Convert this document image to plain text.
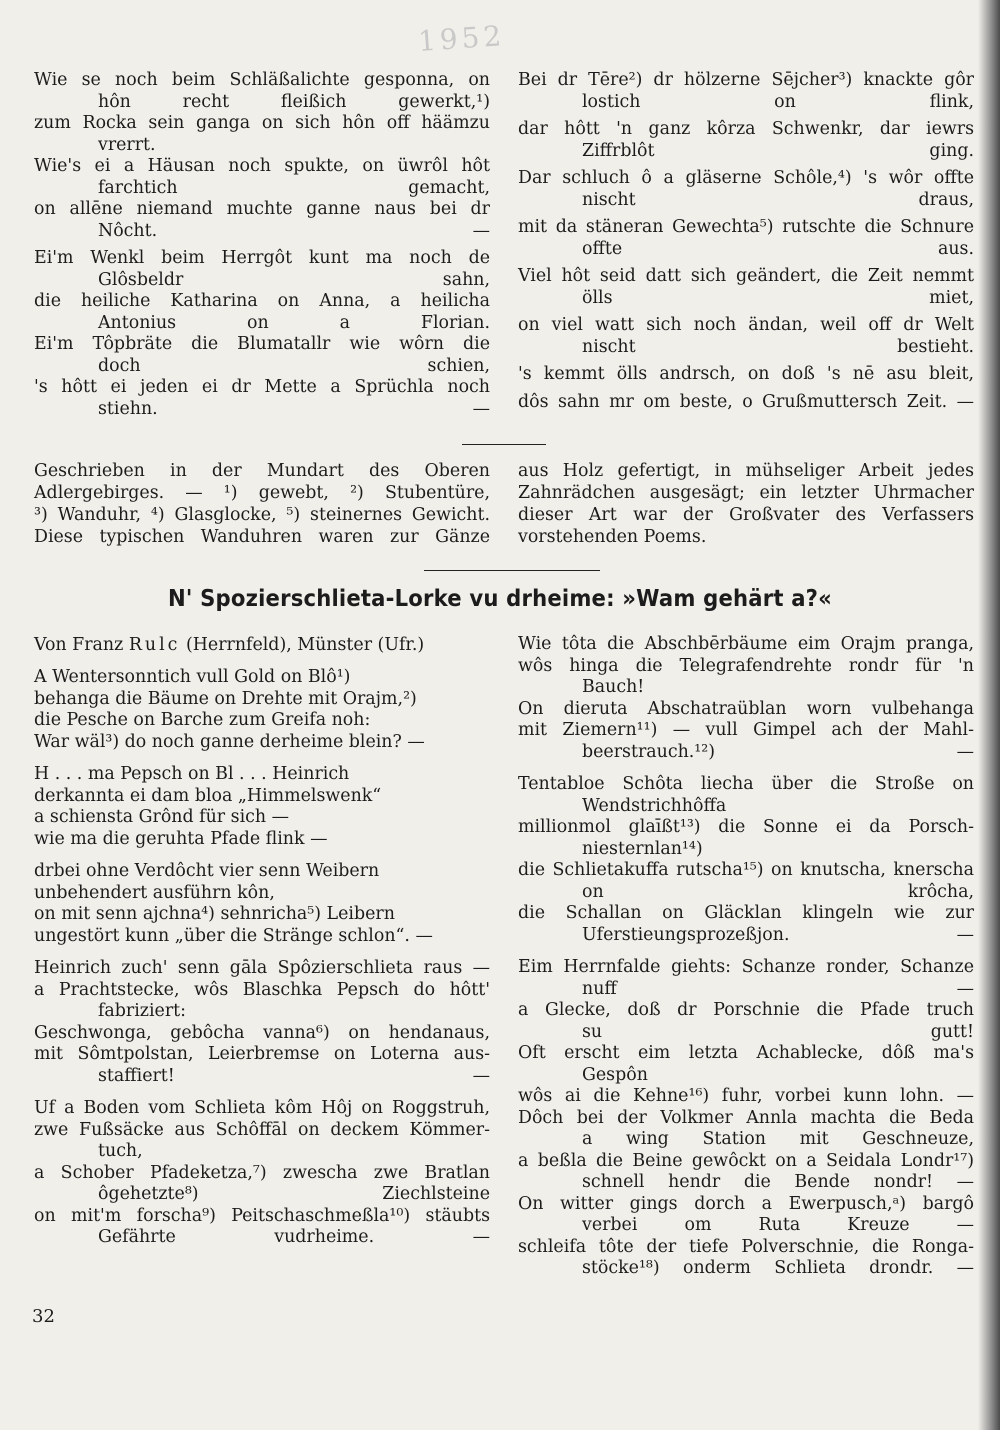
1952
Wie se noch beim Schläßalichte gesponna, on
hôn recht fleißich gewerkt,¹)
zum Rocka sein ganga on sich hôn off häämzu
vrerrt.
Wie's ei a Häusan noch spukte, on üwrôl hôt
farchtich gemacht,
on allēne niemand muchte ganne naus bei dr
Nôcht. —
Ei'm Wenkl beim Herrgôt kunt ma noch de
Glôsbeldr sahn,
die heiliche Katharina on Anna, a heilicha
Antonius on a Florian.
Ei'm Tôpbräte die Blumatallr wie wôrn die
doch schien,
's hôtt ei jeden ei dr Mette a Sprüchla noch
stiehn. —
Bei dr Tēre²) dr hölzerne Sējcher³) knackte gôr
lostich on flink,
dar hôtt 'n ganz kôrza Schwenkr, dar iewrs
Ziffrblôt ging.
Dar schluch ô a gläserne Schôle,⁴) 's wôr offte
nischt draus,
mit da stäneran Gewechta⁵) rutschte die Schnure
offte aus.
Viel hôt seid datt sich geändert, die Zeit nemmt
ölls miet,
on viel watt sich noch ändan, weil off dr Welt
nischt bestieht.
's kemmt ölls andrsch, on doß 's nē asu bleit,
dôs sahn mr om beste, o Grußmuttersch Zeit. —
Geschrieben in der Mundart des Oberen
Adlergebirges. — ¹) gewebt, ²) Stubentüre,
³) Wanduhr, ⁴) Glasglocke, ⁵) steinernes Gewicht.
Diese typischen Wanduhren waren zur Gänze
aus Holz gefertigt, in mühseliger Arbeit jedes
Zahnrädchen ausgesägt; ein letzter Uhrmacher
dieser Art war der Großvater des Verfassers
vorstehenden Poems.
N' Spozierschlieta-Lorke vu drheime: »Wam gehärt a?«
Von Franz Rulc (Herrnfeld), Münster (Ufr.)
A Wentersonntich vull Gold on Blô¹)
behanga die Bäume on Drehte mit Orajm,²)
die Pesche on Barche zum Greifa noh:
War wäl³) do noch ganne derheime blein? —
H . . . ma Pepsch on Bl . . . Heinrich
derkannta ei dam bloa „Himmelswenk“
a schiensta Grônd für sich —
wie ma die geruhta Pfade flink —
drbei ohne Verdôcht vier senn Weibern
unbehendert ausführn kôn,
on mit senn ajchna⁴) sehnricha⁵) Leibern
ungestört kunn „über die Stränge schlon“. —
Heinrich zuch' senn gāla Spôzierschlieta raus —
a Prachtstecke, wôs Blaschka Pepsch do hôtt'
fabriziert:
Geschwonga, gebôcha vanna⁶) on hendanaus,
mit Sômtpolstan, Leierbremse on Loterna aus-
staffiert! —
Uf a Boden vom Schlieta kôm Hôj on Roggstruh,
zwe Fußsäcke aus Schôffāl on deckem Kömmer-
tuch,
a Schober Pfadeketza,⁷) zwescha zwe Bratlan
ôgehetzte⁸) Ziechlsteine
on mit'm forscha⁹) Peitschaschmeßla¹⁰) stäubts
Gefährte vudrheime. —
Wie tôta die Abschbērbäume eim Orajm pranga,
wôs hinga die Telegrafendrehte rondr für 'n
Bauch!
On dieruta Abschatraüblan worn vulbehanga
mit Ziemern¹¹) — vull Gimpel ach der Mahl-
beerstrauch.¹²) —
Tentabloe Schôta liecha über die Stroße on
Wendstrichhôffa
millionmol glaīßt¹³) die Sonne ei da Porsch-
niesternlan¹⁴)
die Schlietakuffa rutscha¹⁵) on knutscha, knerscha
on krôcha,
die Schallan on Gläcklan klingeln wie zur
Uferstieungsprozeßjon. —
Eim Herrnfalde giehts: Schanze ronder, Schanze
nuff —
a Glecke, doß dr Porschnie die Pfade truch
su gutt!
Oft erscht eim letzta Achablecke, dôß ma's
Gespôn
wôs ai die Kehne¹⁶) fuhr, vorbei kunn lohn. —
Dôch bei der Volkmer Annla machta die Beda
a wing Station mit Geschneuze,
a beßla die Beine gewôckt on a Seidala Londr¹⁷)
schnell hendr die Bende nondr! —
On witter gings dorch a Ewerpusch,ᵃ) bargô
verbei om Ruta Kreuze —
schleifa tôte der tiefe Polverschnie, die Ronga-
stöcke¹⁸) onderm Schlieta drondr. —
32
